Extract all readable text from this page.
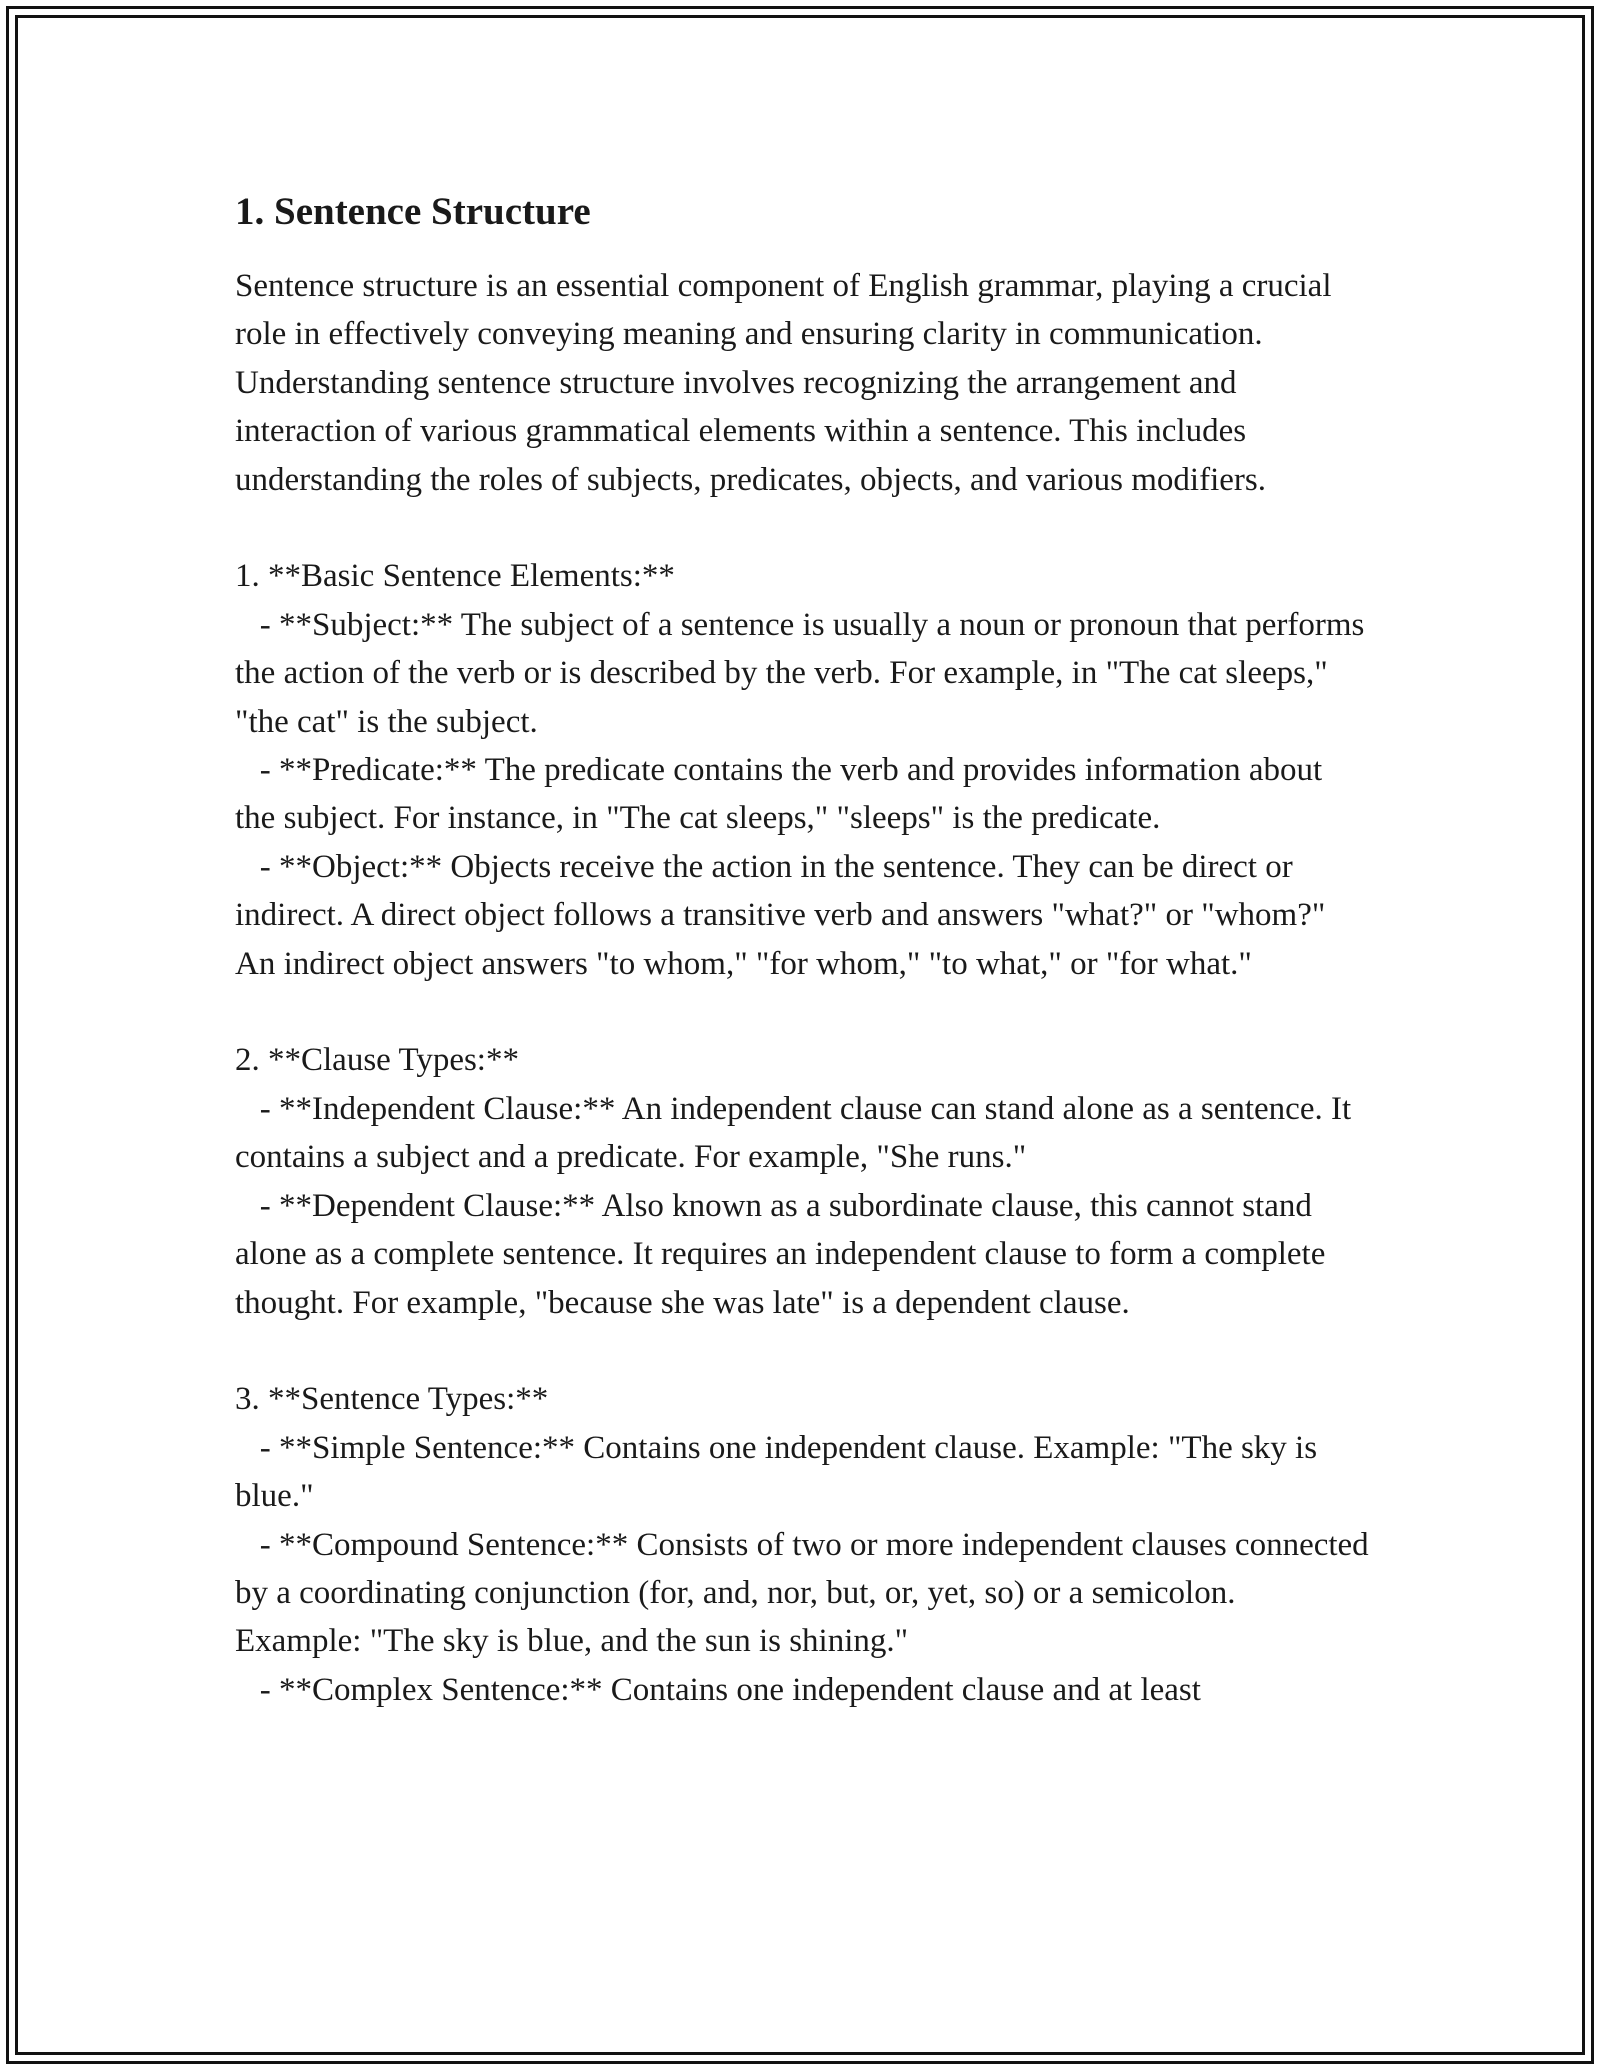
1. Sentence Structure

Sentence structure is an essential component of English grammar, playing a crucial role in effectively conveying meaning and ensuring clarity in communication. Understanding sentence structure involves recognizing the arrangement and interaction of various grammatical elements within a sentence. This includes understanding the roles of subjects, predicates, objects, and various modifiers.

1. **Basic Sentence Elements:**
- **Subject:** The subject of a sentence is usually a noun or pronoun that performs the action of the verb or is described by the verb. For example, in "The cat sleeps," "the cat" is the subject.
- **Predicate:** The predicate contains the verb and provides information about the subject. For instance, in "The cat sleeps," "sleeps" is the predicate.
- **Object:** Objects receive the action in the sentence. They can be direct or indirect. A direct object follows a transitive verb and answers "what?" or "whom?" An indirect object answers "to whom," "for whom," "to what," or "for what."

2. **Clause Types:**
- **Independent Clause:** An independent clause can stand alone as a sentence. It contains a subject and a predicate. For example, "She runs."
- **Dependent Clause:** Also known as a subordinate clause, this cannot stand alone as a complete sentence. It requires an independent clause to form a complete thought. For example, "because she was late" is a dependent clause.

3. **Sentence Types:**
- **Simple Sentence:** Contains one independent clause. Example: "The sky is blue."
- **Compound Sentence:** Consists of two or more independent clauses connected by a coordinating conjunction (for, and, nor, but, or, yet, so) or a semicolon. Example: "The sky is blue, and the sun is shining."
- **Complex Sentence:** Contains one independent clause and at least
